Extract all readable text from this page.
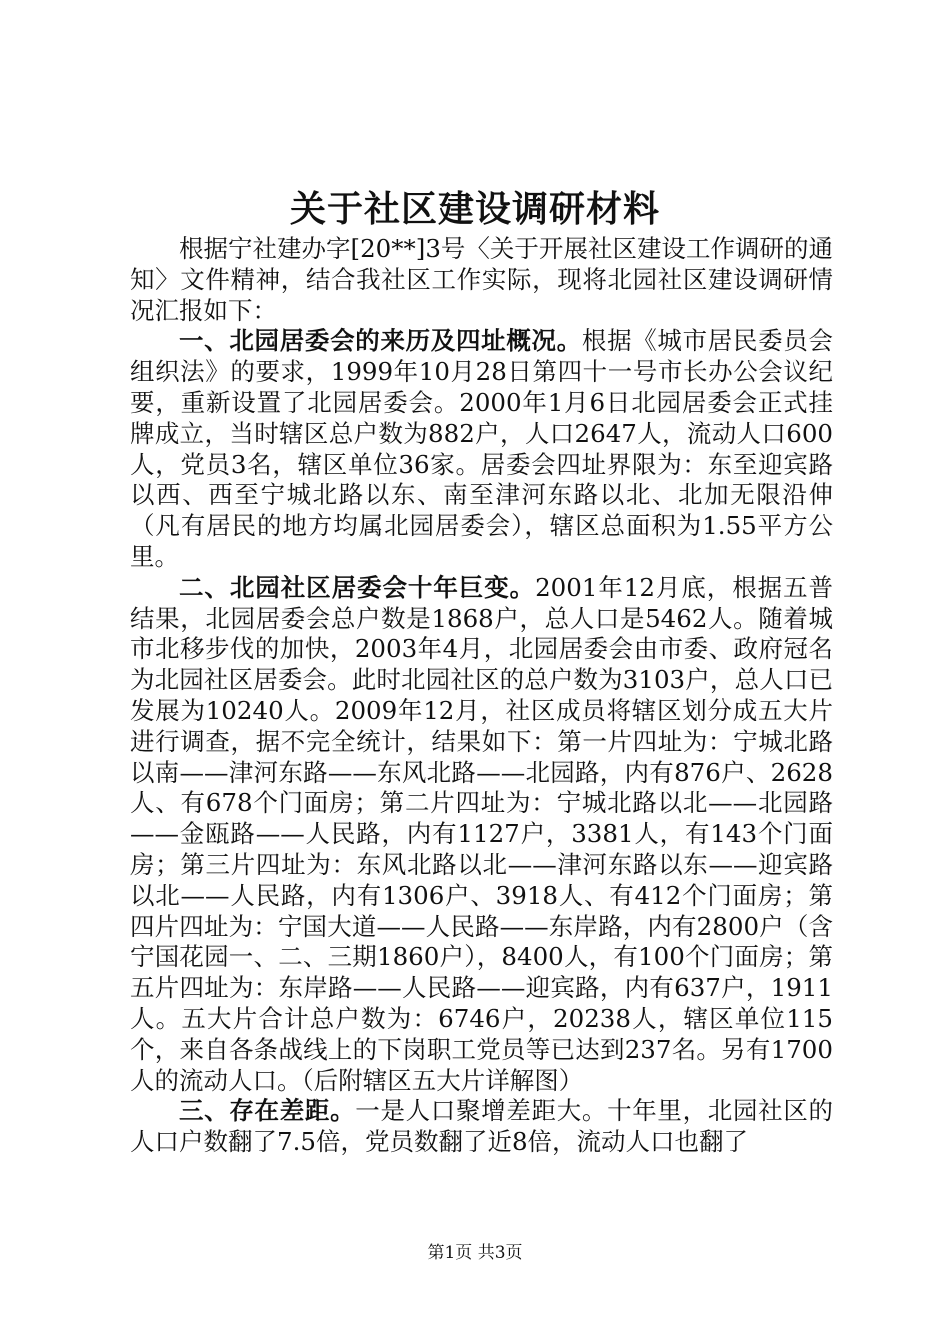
关于社区建设调研材料

根据宁社建办字[20**]3号〈关于开展社区建设工作调研的通知〉文件精神，结合我社区工作实际，现将北园社区建设调研情况汇报如下：

一、北园居委会的来历及四址概况。根据《城市居民委员会组织法》的要求，1999年10月28日第四十一号市长办公会议纪要，重新设置了北园居委会。2000年1月6日北园居委会正式挂牌成立，当时辖区总户数为882户，人口2647人，流动人口600人，党员3名，辖区单位36家。居委会四址界限为：东至迎宾路以西、西至宁城北路以东、南至津河东路以北、北加无限沿伸（凡有居民的地方均属北园居委会），辖区总面积为1.55平方公里。

二、北园社区居委会十年巨变。2001年12月底，根据五普结果，北园居委会总户数是1868户，总人口是5462人。随着城市北移步伐的加快，2003年4月，北园居委会由市委、政府冠名为北园社区居委会。此时北园社区的总户数为3103户，总人口已发展为10240人。2009年12月，社区成员将辖区划分成五大片进行调查，据不完全统计，结果如下：第一片四址为：宁城北路以南——津河东路——东风北路——北园路，内有876户、2628人、有678个门面房；第二片四址为：宁城北路以北——北园路——金瓯路——人民路，内有1127户，3381人，有143个门面房；第三片四址为：东风北路以北——津河东路以东——迎宾路以北——人民路，内有1306户、3918人、有412个门面房；第四片四址为：宁国大道——人民路——东岸路，内有2800户（含宁国花园一、二、三期1860户），8400人，有100个门面房；第五片四址为：东岸路——人民路——迎宾路，内有637户，1911人。五大片合计总户数为：6746户，20238人，辖区单位115个，来自各条战线上的下岗职工党员等已达到237名。另有1700人的流动人口。（后附辖区五大片详解图）

三、存在差距。一是人口聚增差距大。十年里，北园社区的人口户数翻了7.5倍，党员数翻了近8倍，流动人口也翻了

第1页 共3页
